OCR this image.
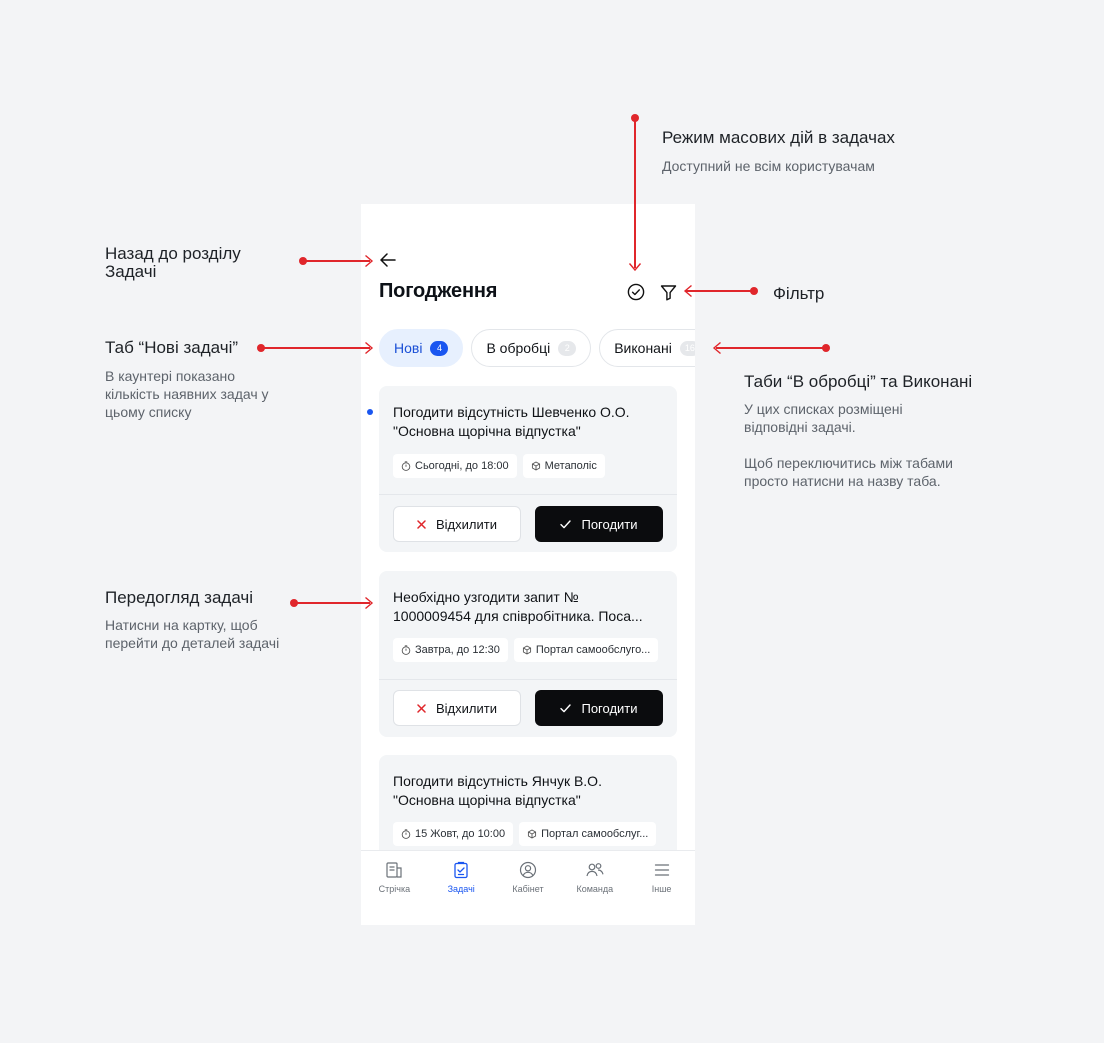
Погодження
Нові	4	В обробці	2	Виконані	16
Погодити відсутність Шевченко О.О.
"Основна щорічна відпуст‌ка"
Сьогодні, до 18:00	Метаполіс
Відхилити	Погодити
Необхідно узгодити запит №
1000009454 для співробітника. Поса...
Завтра, до 12:30	Портал самообслуго...
Відхилити	Погодити
Погодити відсутність Янчук В.О.
"Основна щорічна відпустка"
15 Жовт, до 10:00	Портал самообслуг...
Стрічка	Задачі	Кабінет	Команда	Інше
Режим масових дій в задачах
Доступний не всім користувачам
Назад до розділу
Задачі
Фільтр
Таб “Нові задачі”
В каунтері показано
кількість наявних задач у
цьому списку
Таби “В обробці” та Виконані
У цих списках розміщені
відповідні задачі.

Щоб переключитись між табами
просто натисни на назву таба.
Передогляд задачі
Натисни на картку, щоб
перейти до деталей задачі
